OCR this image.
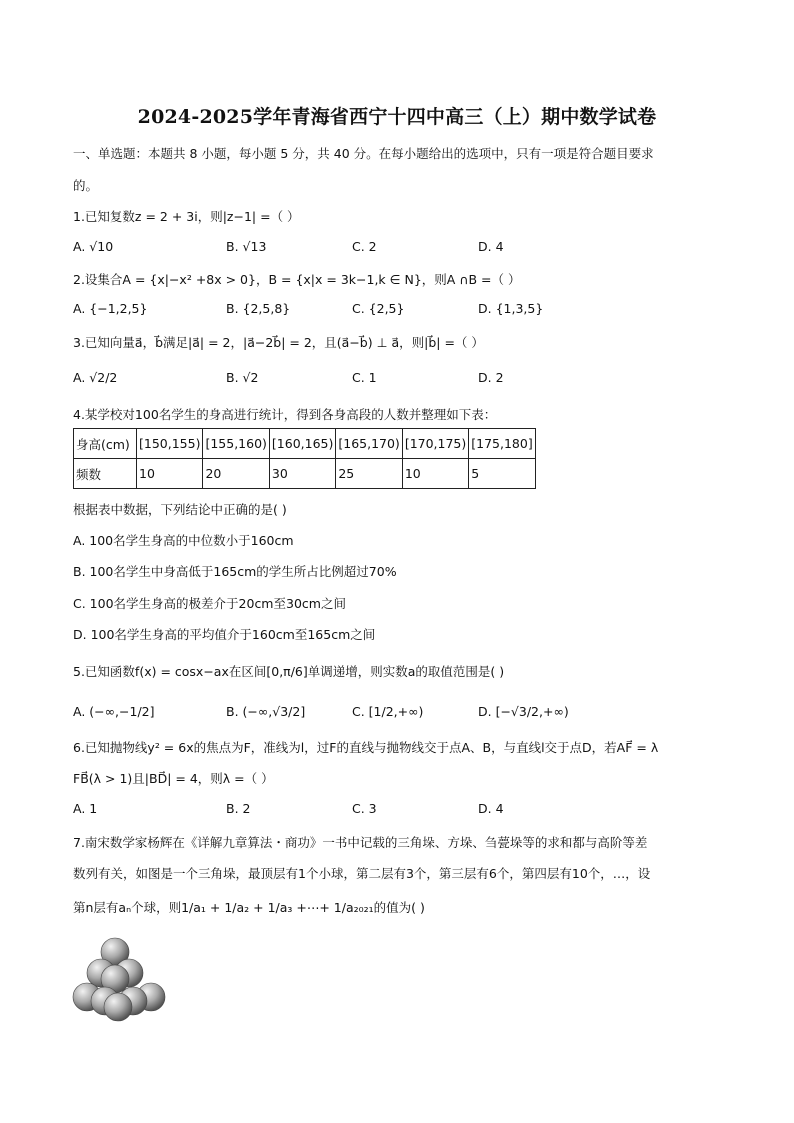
2024-2025学年青海省西宁十四中高三（上）期中数学试卷
一、单选题：本题共 8 小题，每小题 5 分，共 40 分。在每小题给出的选项中，只有一项是符合题目要求
的。
1.已知复数z = 2 + 3i，则|z−1| =（ ）
A. √10	B. √13	C. 2	D. 4
2.设集合A = {x|−x² +8x > 0}，B = {x|x = 3k−1,k ∈ N}，则A ∩B =（ ）
A. {−1,2,5}	B. {2,5,8}	C. {2,5}	D. {1,3,5}
3.已知向量a⃗，b⃗满足|a⃗| = 2，|a⃗−2b⃗| = 2，且(a⃗−b⃗) ⊥ a⃗，则|b⃗| =（ ）
A. √2/2	B. √2	C. 1	D. 2
4.某学校对100名学生的身高进行统计，得到各身高段的人数并整理如下表：
身高(cm)	[150,155)	[155,160)	[160,165)	[165,170)	[170,175)	[175,180]
频数	10	20	30	25	10	5
根据表中数据，下列结论中正确的是( )
A. 100名学生身高的中位数小于160cm
B. 100名学生中身高低于165cm的学生所占比例超过70%
C. 100名学生身高的极差介于20cm至30cm之间
D. 100名学生身高的平均值介于160cm至165cm之间
5.已知函数f(x) = cosx−ax在区间[0,π/6]单调递增，则实数a的取值范围是( )
A. (−∞,−1/2]	B. (−∞,√3/2]	C. [1/2,+∞)	D. [−√3/2,+∞)
6.已知抛物线y² = 6x的焦点为F，准线为l，过F的直线与抛物线交于点A、B，与直线l交于点D，若AF⃗ = λ
FB⃗(λ > 1)且|BD⃗| = 4，则λ =（ ）
A. 1	B. 2	C. 3	D. 4
7.南宋数学家杨辉在《详解九章算法・商功》一书中记载的三角垛、方垛、刍甍垛等的求和都与高阶等差
数列有关，如图是一个三角垛，最顶层有1个小球，第二层有3个，第三层有6个，第四层有10个，…，设
第n层有aₙ个球，则1/a₁ + 1/a₂ + 1/a₃ +⋯+ 1/a₂₀₂₁的值为( )
